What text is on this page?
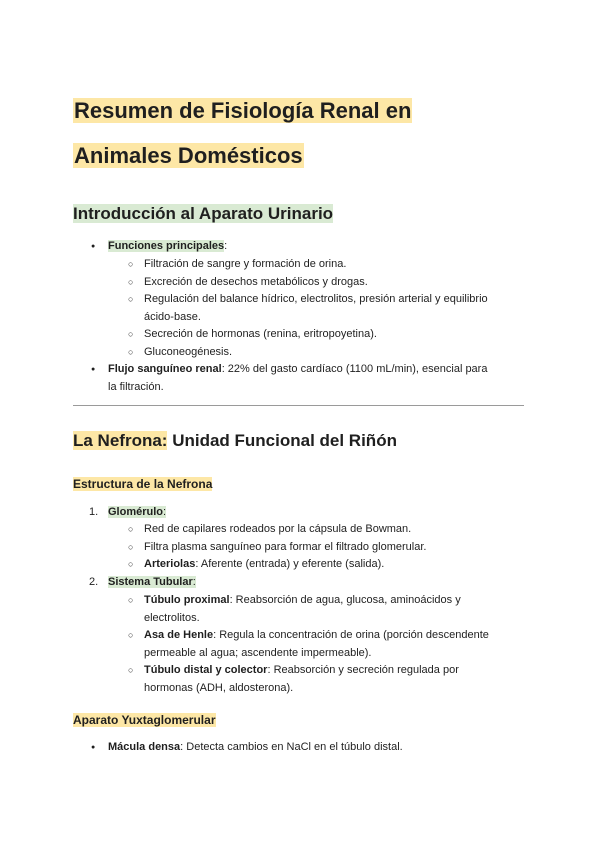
Resumen de Fisiología Renal en
Animales Domésticos
Introducción al Aparato Urinario
● Funciones principales:
○ Filtración de sangre y formación de orina.
○ Excreción de desechos metabólicos y drogas.
○ Regulación del balance hídrico, electrolitos, presión arterial y equilibrio
ácido-base.
○ Secreción de hormonas (renina, eritropoyetina).
○ Gluconeogénesis.
● Flujo sanguíneo renal: 22% del gasto cardíaco (1100 mL/min), esencial para
la filtración.
La Nefrona: Unidad Funcional del Riñón
Estructura de la Nefrona
1. Glomérulo:
○ Red de capilares rodeados por la cápsula de Bowman.
○ Filtra plasma sanguíneo para formar el filtrado glomerular.
○ Arteriolas: Aferente (entrada) y eferente (salida).
2. Sistema Tubular:
○ Túbulo proximal: Reabsorción de agua, glucosa, aminoácidos y
electrolitos.
○ Asa de Henle: Regula la concentración de orina (porción descendente
permeable al agua; ascendente impermeable).
○ Túbulo distal y colector: Reabsorción y secreción regulada por
hormonas (ADH, aldosterona).
Aparato Yuxtaglomerular
● Mácula densa: Detecta cambios en NaCl en el túbulo distal.
